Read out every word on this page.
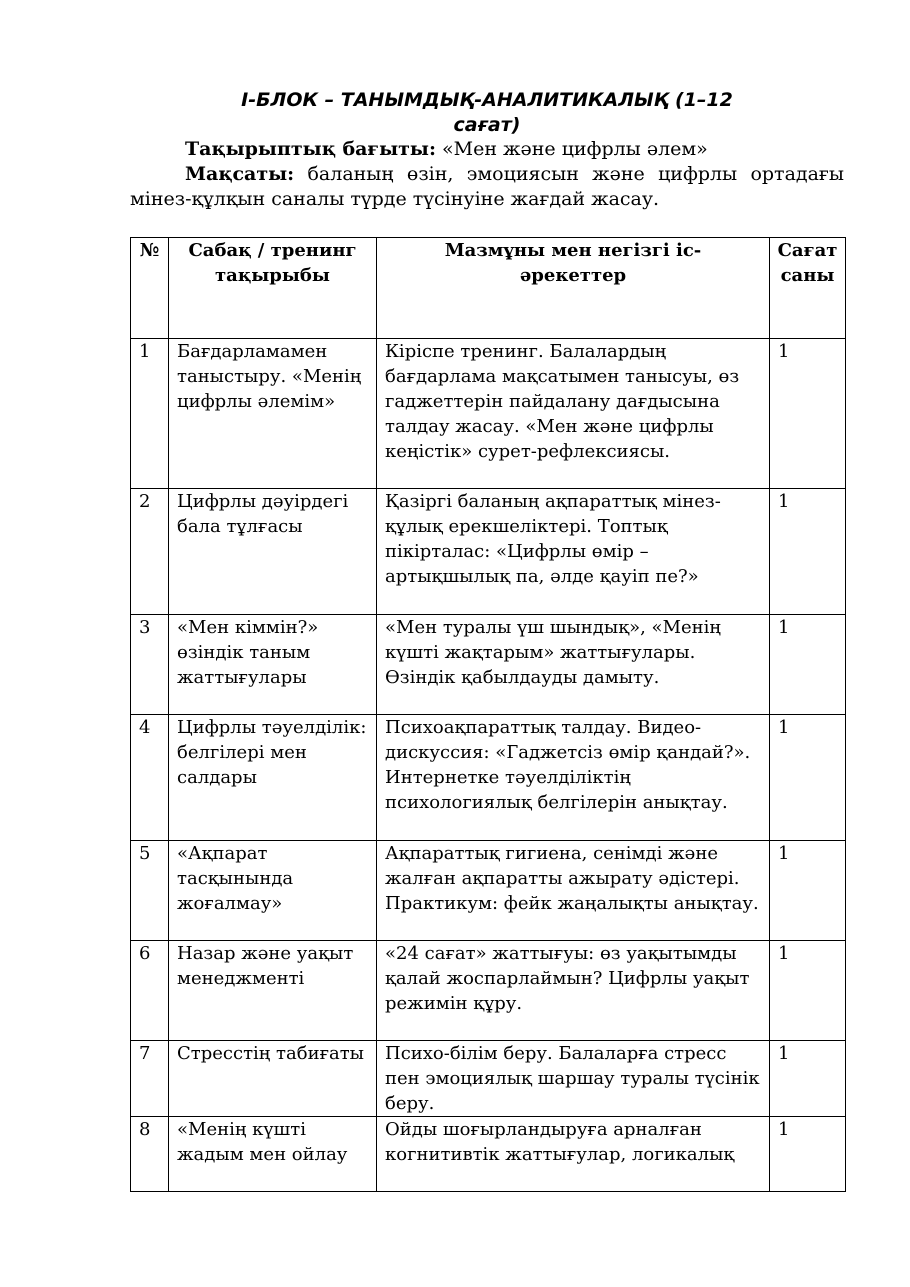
I-БЛОК – ТАНЫМДЫҚ-АНАЛИТИКАЛЫҚ (1–12
сағат)
Тақырыптық бағыты: «Мен және цифрлы әлем»
Мақсаты: баланың өзін, эмоциясын және цифрлы ортадағы мінез-құлқын саналы түрде түсінуіне жағдай жасау.
№	Сабақ / тренинг тақырыбы	Мазмұны мен негізгі іс-әрекеттер	Сағат саны
1	Бағдарламамен таныстыру. «Менің цифрлы әлемім»	Кіріспе тренинг. Балалардың бағдарлама мақсатымен танысуы, өз гаджеттерін пайдалану дағдысына талдау жасау. «Мен және цифрлы кеңістік» сурет-рефлексиясы.	1
2	Цифрлы дәуірдегі бала тұлғасы	Қазіргі баланың ақпараттық мінез-құлық ерекшеліктері. Топтық пікірталас: «Цифрлы өмір – артықшылық па, әлде қауіп пе?»	1
3	«Мен кіммін?» өзіндік таным жаттығулары	«Мен туралы үш шындық», «Менің күшті жақтарым» жаттығулары. Өзіндік қабылдауды дамыту.	1
4	Цифрлы тәуелділік: белгілері мен салдары	Психоақпараттық талдау. Видео-дискуссия: «Гаджетсіз өмір қандай?». Интернетке тәуелділіктің психологиялық белгілерін анықтау.	1
5	«Ақпарат тасқынында жоғалмау»	Ақпараттық гигиена, сенімді және жалған ақпаратты ажырату әдістері. Практикум: фейк жаңалықты анықтау.	1
6	Назар және уақыт менеджменті	«24 сағат» жаттығуы: өз уақытымды қалай жоспарлаймын? Цифрлы уақыт режимін құру.	1
7	Стресстің табиғаты	Психо-білім беру. Балаларға стресс пен эмоциялық шаршау туралы түсінік беру.	1
8	«Менің күшті жадым мен ойлау	Ойды шоғырландыруға арналған когнитивтік жаттығулар, логикалық	1
